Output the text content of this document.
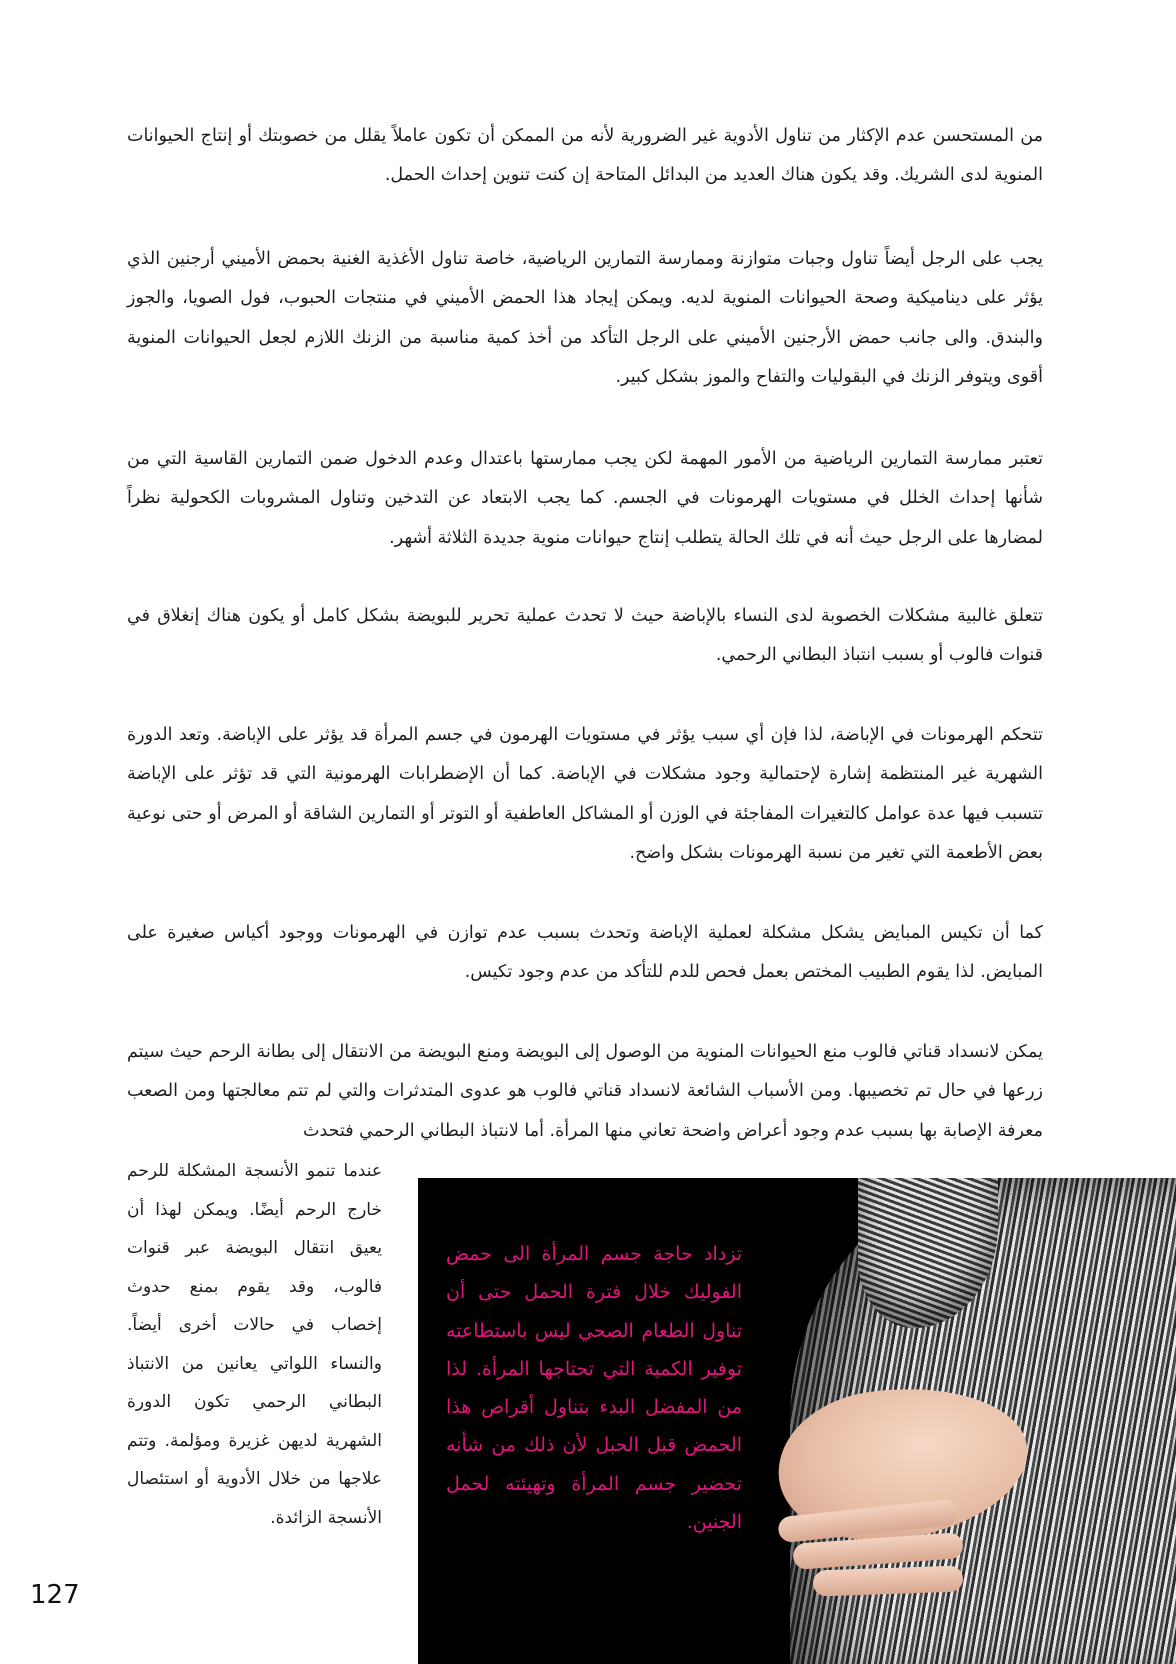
من المستحسن عدم الإكثار من تناول الأدوية غير الضرورية لأنه من الممكن أن تكون عاملاً يقلل من خصوبتك أو إنتاج الحيوانات المنوية لدى الشريك. وقد يكون هناك العديد من البدائل المتاحة إن كنت تنوين إحداث الحمل.

يجب على الرجل أيضاً تناول وجبات متوازنة وممارسة التمارين الرياضية، خاصة تناول الأغذية الغنية بحمض الأميني أرجنين الذي يؤثر على ديناميكية وصحة الحيوانات المنوية لديه. ويمكن إيجاد هذا الحمض الأميني في منتجات الحبوب، فول الصويا، والجوز والبندق. والى جانب حمض الأرجنين الأميني على الرجل التأكد من أخذ كمية مناسبة من الزنك اللازم لجعل الحيوانات المنوية أقوى ويتوفر الزنك في البقوليات والتفاح والموز بشكل كبير.

تعتبر ممارسة التمارين الرياضية من الأمور المهمة لكن يجب ممارستها باعتدال وعدم الدخول ضمن التمارين القاسية التي من شأنها إحداث الخلل في مستويات الهرمونات في الجسم. كما يجب الابتعاد عن التدخين وتناول المشروبات الكحولية نظراً لمضارها على الرجل حيث أنه في تلك الحالة يتطلب إنتاج حيوانات منوية جديدة الثلاثة أشهر.

تتعلق غالبية مشكلات الخصوبة لدى النساء بالإباضة حيث لا تحدث عملية تحرير للبويضة بشكل كامل أو يكون هناك إنغلاق في قنوات فالوب أو بسبب انتباذ البطاني الرحمي.

تتحكم الهرمونات في الإباضة، لذا فإن أي سبب يؤثر في مستويات الهرمون في جسم المرأة قد يؤثر على الإباضة. وتعد الدورة الشهرية غير المنتظمة إشارة لإحتمالية وجود مشكلات في الإباضة. كما أن الإضطرابات الهرمونية التي قد تؤثر على الإباضة تتسبب فيها عدة عوامل كالتغيرات المفاجئة في الوزن أو المشاكل العاطفية أو التوتر أو التمارين الشاقة أو المرض أو حتى نوعية بعض الأطعمة التي تغير من نسبة الهرمونات بشكل واضح.

كما أن تكيس المبايض يشكل مشكلة لعملية الإباضة وتحدث بسبب عدم توازن في الهرمونات ووجود أكياس صغيرة على المبايض. لذا يقوم الطبيب المختص بعمل فحص للدم للتأكد من عدم وجود تكيس.

يمكن لانسداد قناتي فالوب منع الحيوانات المنوية من الوصول إلى البويضة ومنع البويضة من الانتقال إلى بطانة الرحم حيث سيتم زرعها في حال تم تخصيبها. ومن الأسباب الشائعة لانسداد قناتي فالوب هو عدوى المتدثرات والتي لم تتم معالجتها ومن الصعب معرفة الإصابة بها بسبب عدم وجود أعراض واضحة تعاني منها المرأة. أما لانتباذ البطاني الرحمي فتحدث

عندما تنمو الأنسجة المشكلة للرحم خارج الرحم أيضًا. ويمكن لهذا أن يعيق انتقال البويضة عبر قنوات فالوب، وقد يقوم بمنع حدوث إخصاب في حالات أخرى أيضاً. والنساء اللواتي يعانين من الانتباذ البطاني الرحمي تكون الدورة الشهرية لديهن غزيرة ومؤلمة. وتتم علاجها من خلال الأدوية أو استئصال الأنسجة الزائدة.

تزداد حاجة جسم المرأة الى حمض الفوليك خلال فترة الحمل حتى أن تناول الطعام الصحي ليس باستطاعته توفير الكمية التي تحتاجها المرأة. لذا من المفضل البدء بتناول أقراص هذا الحمض قبل الحبل لأن ذلك من شأنه تحضير جسم المرأة وتهيئته لحمل الجنين.

127
